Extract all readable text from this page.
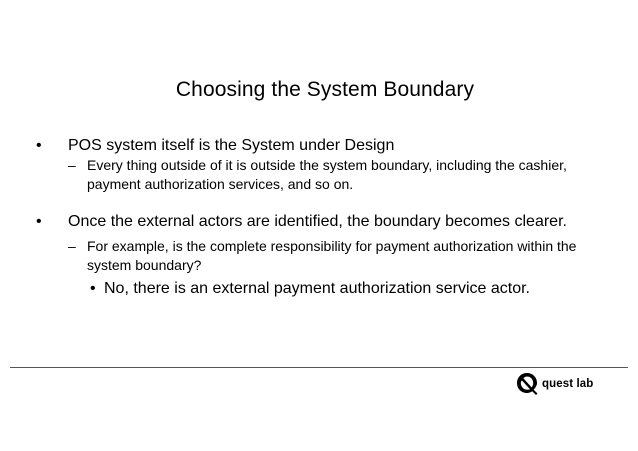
Choosing the System Boundary
• POS system itself is the System under Design
– Every thing outside of it is outside the system boundary, including the cashier, payment authorization services, and so on.
• Once the external actors are identified, the boundary becomes clearer.
– For example, is the complete responsibility for payment authorization within the system boundary?
• No, there is an external payment authorization service actor.
quest lab
